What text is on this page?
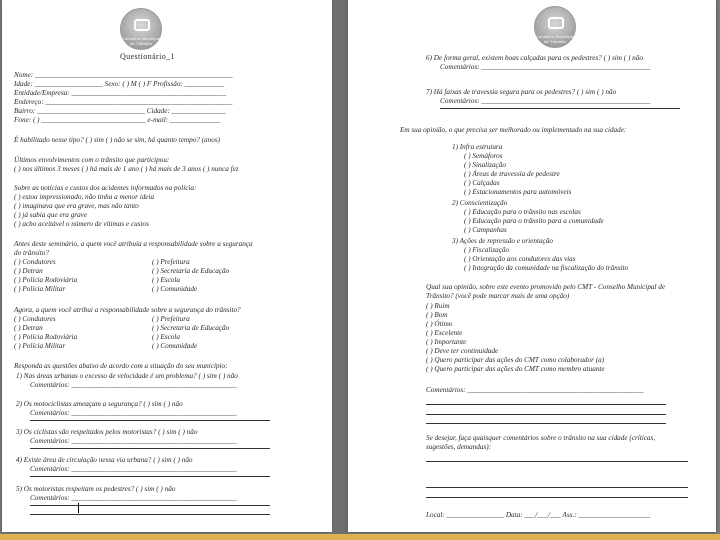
Conselho Municipal de Trânsito
Questionário_1
Nome: _______________________________________________________
Idade: ___________________ Sexo: ( ) M ( ) F Profissão: ___________
Entidade/Empresa: ___________________________________________
Endereço: ____________________________________________________
Bairro: ______________________________ Cidade: _______________
Fone: ( ) _____________________________ e-mail: ______________
É habilitado nesse tipo? ( ) sim ( ) não se sim, há quanto tempo? (anos)
Últimos envolvimentos com o trânsito que participou:
( ) nos últimos 3 meses ( ) há mais de 1 ano ( ) há mais de 3 anos ( ) nunca fez
Sobre as notícias e custos dos acidentes informados na polícia:
( ) estou impressionado, não tinha a menor ideia
( ) imaginava que era grave, mas não tanto
( ) já sabia que era grave
( ) acho aceitável o número de vítimas e custos
Antes deste seminário, a quem você atribuía a responsabilidade sobre a segurança
do trânsito?
( ) Condutores
( ) Detran
( ) Polícia Rodoviária
( ) Polícia Militar
( ) Prefeitura
( ) Secretaria de Educação
( ) Escola
( ) Comunidade
Agora, a quem você atribui a responsabilidade sobre a segurança do trânsito?
( ) Condutores
( ) Detran
( ) Polícia Rodoviária
( ) Polícia Militar
( ) Prefeitura
( ) Secretaria de Educação
( ) Escola
( ) Comunidade
Responda as questões abaixo de acordo com a situação do seu município:
1) Nas áreas urbanas o excesso de velocidade é um problema? ( ) sim ( ) não
Comentários: ______________________________________________
2) Os motociclistas ameaçam a segurança? ( ) sim ( ) não
Comentários: ______________________________________________
3) Os ciclistas são respeitados pelos motoristas? ( ) sim ( ) não
Comentários: ______________________________________________
4) Existe área de circulação nessa via urbana? ( ) sim ( ) não
Comentários: ______________________________________________
5) Os motoristas respeitam os pedestres? ( ) sim ( ) não
Comentários: ______________________________________________
Conselho Municipal de Trânsito
6) De forma geral, existem boas calçadas para os pedestres? ( ) sim ( ) não
Comentários: _______________________________________________
7) Há faixas de travessia segura para os pedestres? ( ) sim ( ) não
Comentários: _______________________________________________
Em sua opinião, o que precisa ser melhorado ou implementado na sua cidade:
1) Infra estrutura
( ) Semáforos
( ) Sinalização
( ) Áreas de travessia de pedestre
( ) Calçadas
( ) Estacionamentos para automóveis
2) Conscientização
( ) Educação para o trânsito nas escolas
( ) Educação para o trânsito para a comunidade
( ) Campanhas
3) Ações de repressão e orientação
( ) Fiscalização
( ) Orientação aos condutores das vias
( ) Integração da comunidade na fiscalização do trânsito
Qual sua opinião, sobre este evento promovido pelo CMT - Conselho Municipal de
Trânsito? (você pode marcar mais de uma opção)
( ) Ruim
( ) Bom
( ) Ótimo
( ) Excelente
( ) Importante
( ) Deve ter continuidade
( ) Quero participar das ações do CMT como colaborador (a)
( ) Quero participar das ações do CMT como membro atuante
Comentários: _________________________________________________
Se desejar, faça quaisquer comentários sobre o trânsito na sua cidade (críticas,
sugestões, demandas):
Local: ________________ Data: ___/___/___ Ass.: ____________________
